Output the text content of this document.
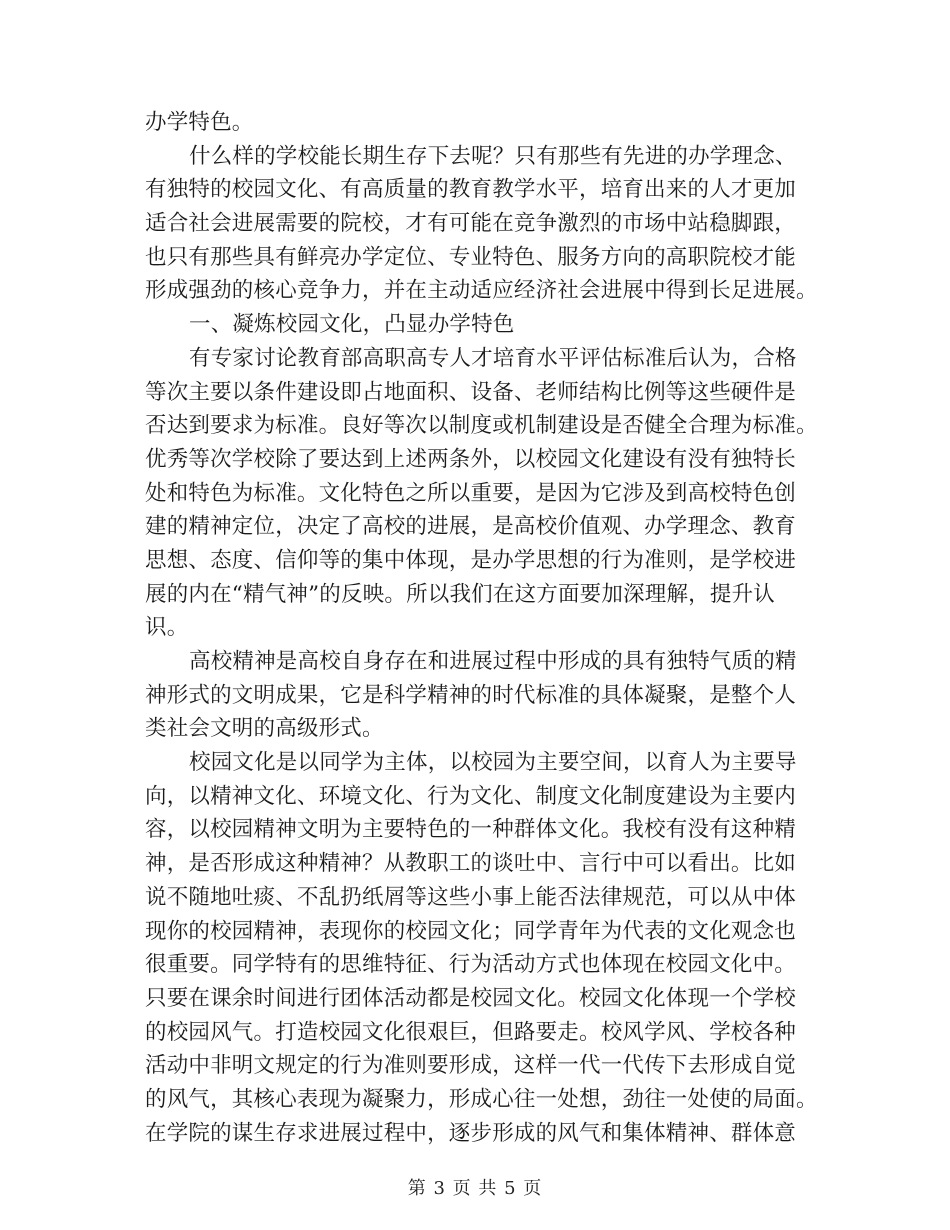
办学特色。
什么样的学校能长期生存下去呢？只有那些有先进的办学理念、
有独特的校园文化、有高质量的教育教学水平，培育出来的人才更加
适合社会进展需要的院校，才有可能在竞争激烈的市场中站稳脚跟，
也只有那些具有鲜亮办学定位、专业特色、服务方向的高职院校才能
形成强劲的核心竞争力，并在主动适应经济社会进展中得到长足进展。
一、凝炼校园文化，凸显办学特色
有专家讨论教育部高职高专人才培育水平评估标准后认为，合格
等次主要以条件建设即占地面积、设备、老师结构比例等这些硬件是
否达到要求为标准。良好等次以制度或机制建设是否健全合理为标准。
优秀等次学校除了要达到上述两条外，以校园文化建设有没有独特长
处和特色为标准。文化特色之所以重要，是因为它涉及到高校特色创
建的精神定位，决定了高校的进展，是高校价值观、办学理念、教育
思想、态度、信仰等的集中体现，是办学思想的行为准则，是学校进
展的内在“精气神”的反映。所以我们在这方面要加深理解，提升认
识。
高校精神是高校自身存在和进展过程中形成的具有独特气质的精
神形式的文明成果，它是科学精神的时代标准的具体凝聚，是整个人
类社会文明的高级形式。
校园文化是以同学为主体，以校园为主要空间，以育人为主要导
向，以精神文化、环境文化、行为文化、制度文化制度建设为主要内
容，以校园精神文明为主要特色的一种群体文化。我校有没有这种精
神，是否形成这种精神？从教职工的谈吐中、言行中可以看出。比如
说不随地吐痰、不乱扔纸屑等这些小事上能否法律规范，可以从中体
现你的校园精神，表现你的校园文化；同学青年为代表的文化观念也
很重要。同学特有的思维特征、行为活动方式也体现在校园文化中。
只要在课余时间进行团体活动都是校园文化。校园文化体现一个学校
的校园风气。打造校园文化很艰巨，但路要走。校风学风、学校各种
活动中非明文规定的行为准则要形成，这样一代一代传下去形成自觉
的风气，其核心表现为凝聚力，形成心往一处想，劲往一处使的局面。
在学院的谋生存求进展过程中，逐步形成的风气和集体精神、群体意
第 3 页 共 5 页
